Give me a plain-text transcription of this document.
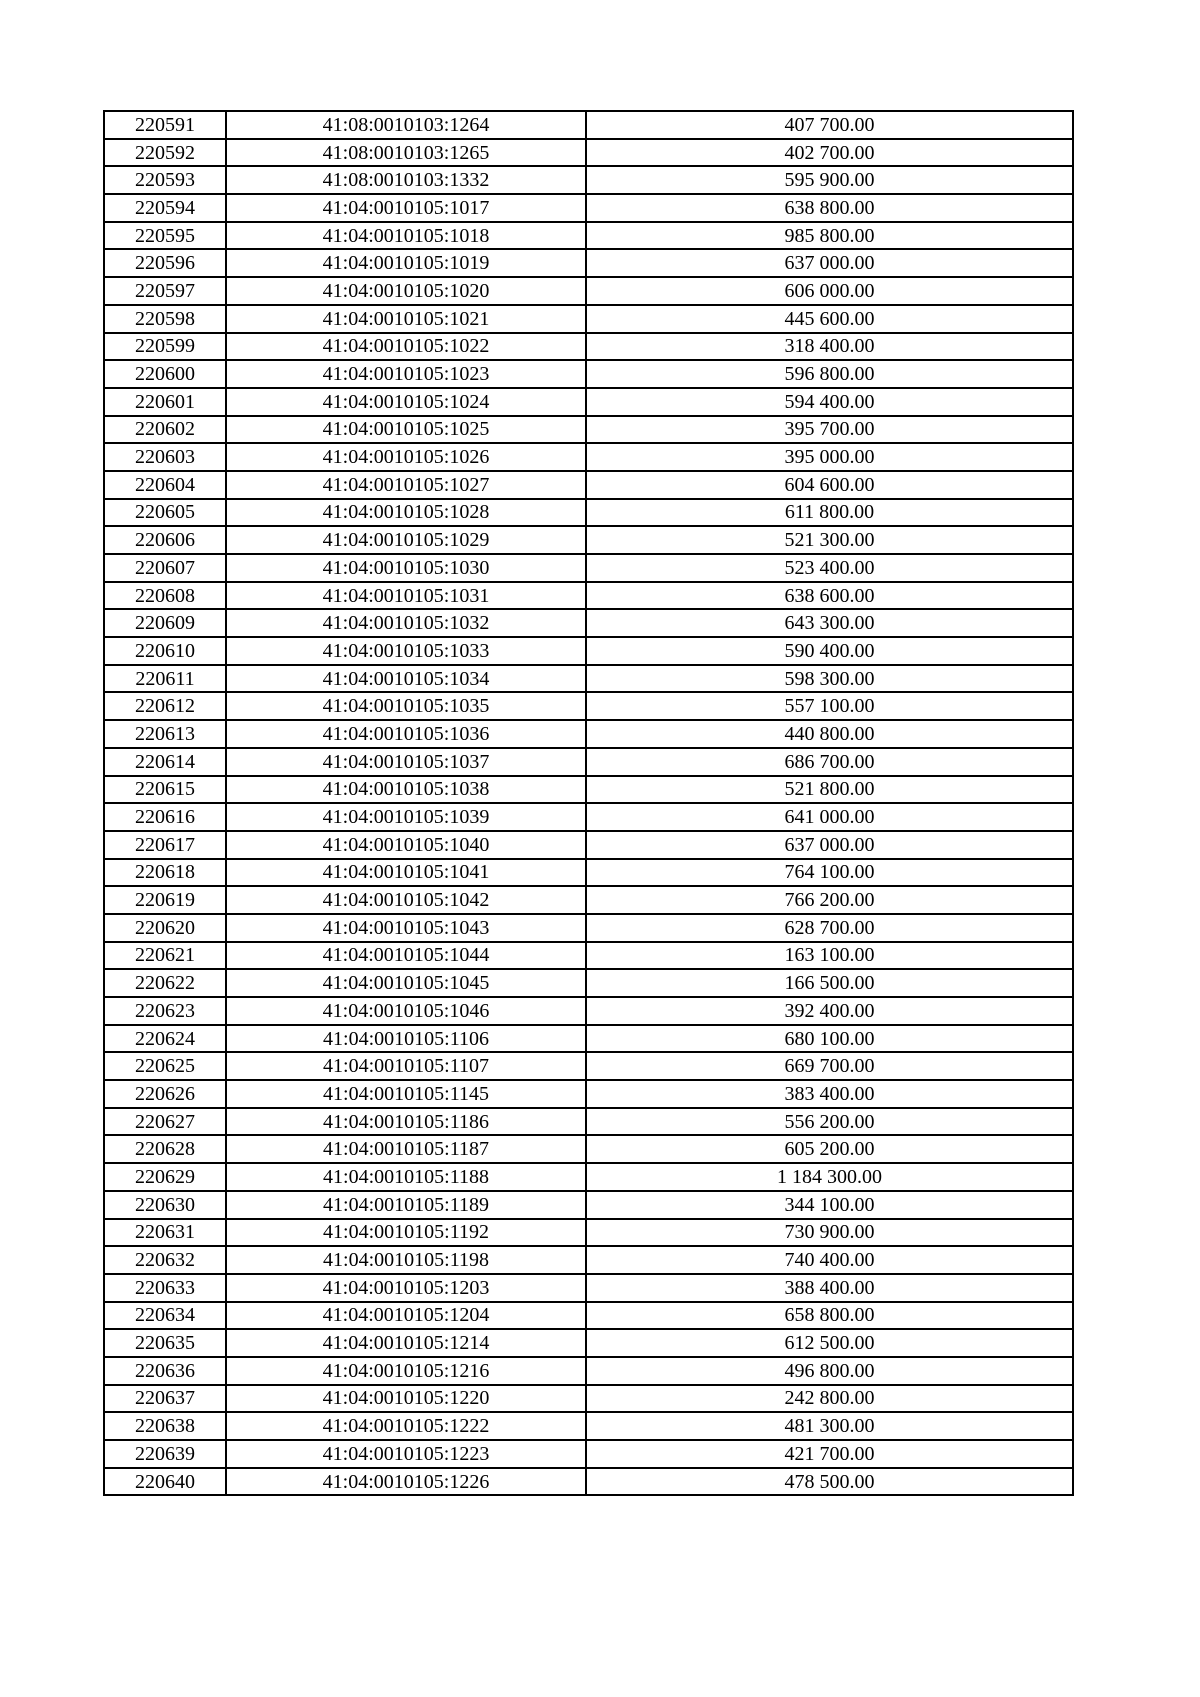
220591	41:08:0010103:1264	407 700.00
220592	41:08:0010103:1265	402 700.00
220593	41:08:0010103:1332	595 900.00
220594	41:04:0010105:1017	638 800.00
220595	41:04:0010105:1018	985 800.00
220596	41:04:0010105:1019	637 000.00
220597	41:04:0010105:1020	606 000.00
220598	41:04:0010105:1021	445 600.00
220599	41:04:0010105:1022	318 400.00
220600	41:04:0010105:1023	596 800.00
220601	41:04:0010105:1024	594 400.00
220602	41:04:0010105:1025	395 700.00
220603	41:04:0010105:1026	395 000.00
220604	41:04:0010105:1027	604 600.00
220605	41:04:0010105:1028	611 800.00
220606	41:04:0010105:1029	521 300.00
220607	41:04:0010105:1030	523 400.00
220608	41:04:0010105:1031	638 600.00
220609	41:04:0010105:1032	643 300.00
220610	41:04:0010105:1033	590 400.00
220611	41:04:0010105:1034	598 300.00
220612	41:04:0010105:1035	557 100.00
220613	41:04:0010105:1036	440 800.00
220614	41:04:0010105:1037	686 700.00
220615	41:04:0010105:1038	521 800.00
220616	41:04:0010105:1039	641 000.00
220617	41:04:0010105:1040	637 000.00
220618	41:04:0010105:1041	764 100.00
220619	41:04:0010105:1042	766 200.00
220620	41:04:0010105:1043	628 700.00
220621	41:04:0010105:1044	163 100.00
220622	41:04:0010105:1045	166 500.00
220623	41:04:0010105:1046	392 400.00
220624	41:04:0010105:1106	680 100.00
220625	41:04:0010105:1107	669 700.00
220626	41:04:0010105:1145	383 400.00
220627	41:04:0010105:1186	556 200.00
220628	41:04:0010105:1187	605 200.00
220629	41:04:0010105:1188	1 184 300.00
220630	41:04:0010105:1189	344 100.00
220631	41:04:0010105:1192	730 900.00
220632	41:04:0010105:1198	740 400.00
220633	41:04:0010105:1203	388 400.00
220634	41:04:0010105:1204	658 800.00
220635	41:04:0010105:1214	612 500.00
220636	41:04:0010105:1216	496 800.00
220637	41:04:0010105:1220	242 800.00
220638	41:04:0010105:1222	481 300.00
220639	41:04:0010105:1223	421 700.00
220640	41:04:0010105:1226	478 500.00
